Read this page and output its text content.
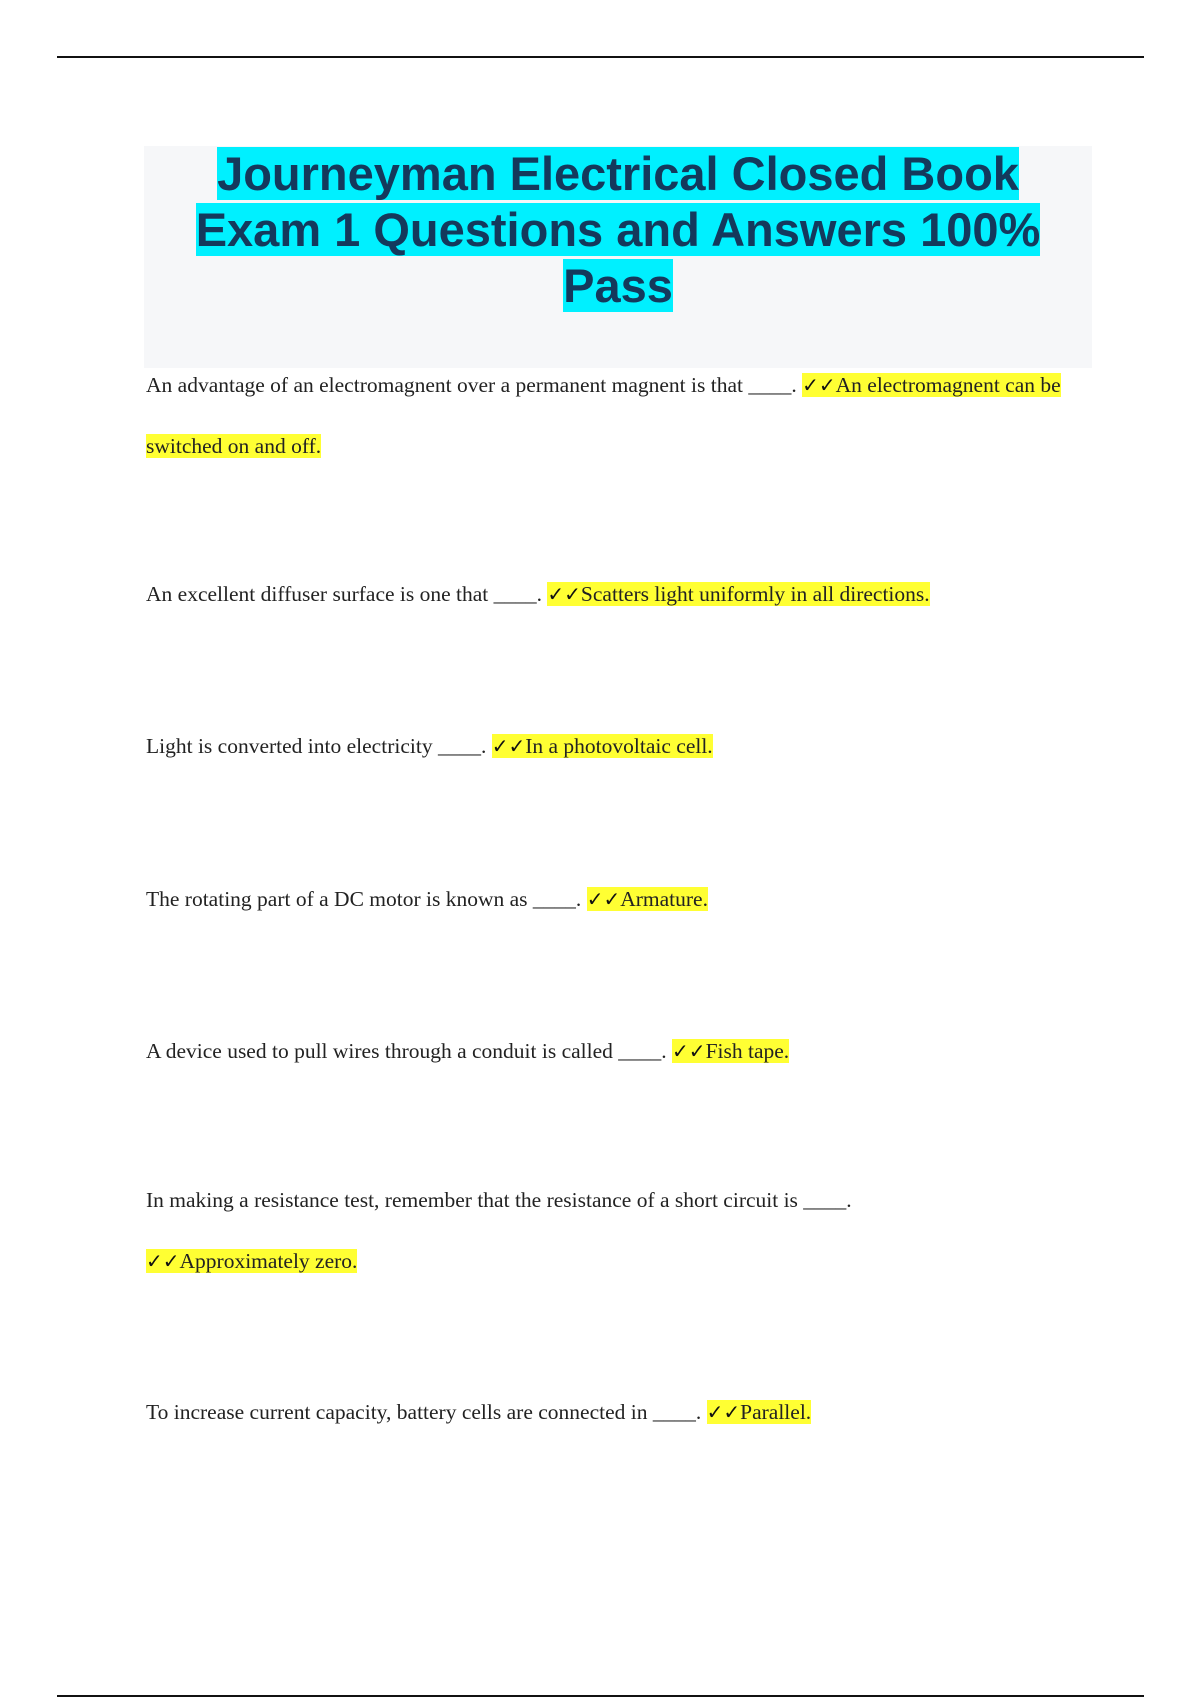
Journeyman Electrical Closed Book Exam 1 Questions and Answers 100% Pass
An advantage of an electromagnent over a permanent magnent is that ____. ✓✓An electromagnent can be switched on and off.
An excellent diffuser surface is one that ____. ✓✓Scatters light uniformly in all directions.
Light is converted into electricity ____. ✓✓In a photovoltaic cell.
The rotating part of a DC motor is known as ____. ✓✓Armature.
A device used to pull wires through a conduit is called ____. ✓✓Fish tape.
In making a resistance test, remember that the resistance of a short circuit is ____.
✓✓Approximately zero.
To increase current capacity, battery cells are connected in ____. ✓✓Parallel.
